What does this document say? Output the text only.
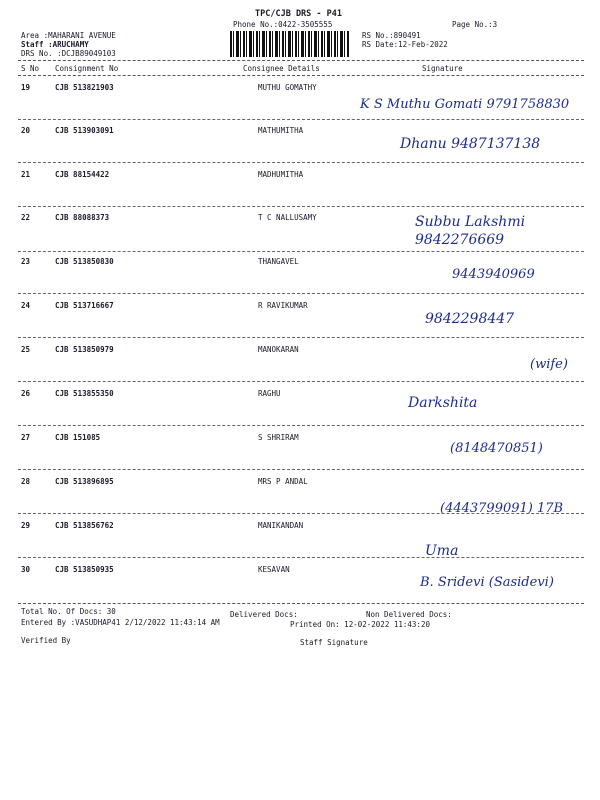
TPC/CJB DRS - P41
Phone No.:0422-3505555	Page No.:3
Area :MAHARANI AVENUE
Staff :ARUCHAMY
DRS No. :DCJB89049103
RS No.:890491
RS Date:12-Feb-2022
S No Consignment No	Consignee Details	Signature
19	CJB 513821903	MUTHU GOMATHY
K S Muthu Gomati 9791758830
20	CJB 513903091	MATHUMITHA
Dhanu 9487137138
21	CJB 88154422	MADHUMITHA
22	CJB 88088373	T C NALLUSAMY	Subbu Lakshmi 9842276669
23	CJB 513850830	THANGAVEL
9443940969
24	CJB 513716667	R RAVIKUMAR
9842298447
25	CJB 513850979	MANOKARAN
(wife)
26	CJB 513855350	RAGHU
Darkshita
27	CJB 151085	S SHRIRAM
(8148470851)
28	CJB 513896895	MRS P ANDAL
(4443799091) 17B
29	CJB 513856762	MANIKANDAN
Uma
30	CJB 513850935	KESAVAN
B. Sridevi (Sasidevi)
Total No. Of Docs: 30	Delivered Docs:	Non Delivered Docs:
Entered By :VASUDHAP41 2/12/2022 11:43:14 AM	Printed On: 12-02-2022 11:43:20
Verified By	Staff Signature
